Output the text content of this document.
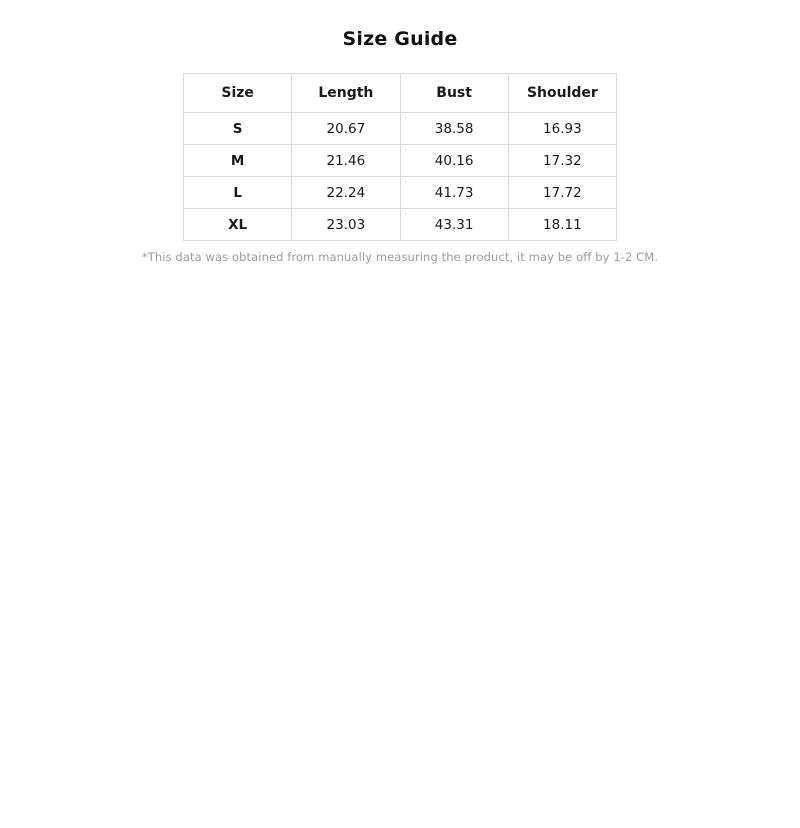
Size Guide
Size	Length	Bust	Shoulder
S	20.67	38.58	16.93
M	21.46	40.16	17.32
L	22.24	41.73	17.72
XL	23.03	43.31	18.11
*This data was obtained from manually measuring the product, it may be off by 1-2 CM.
